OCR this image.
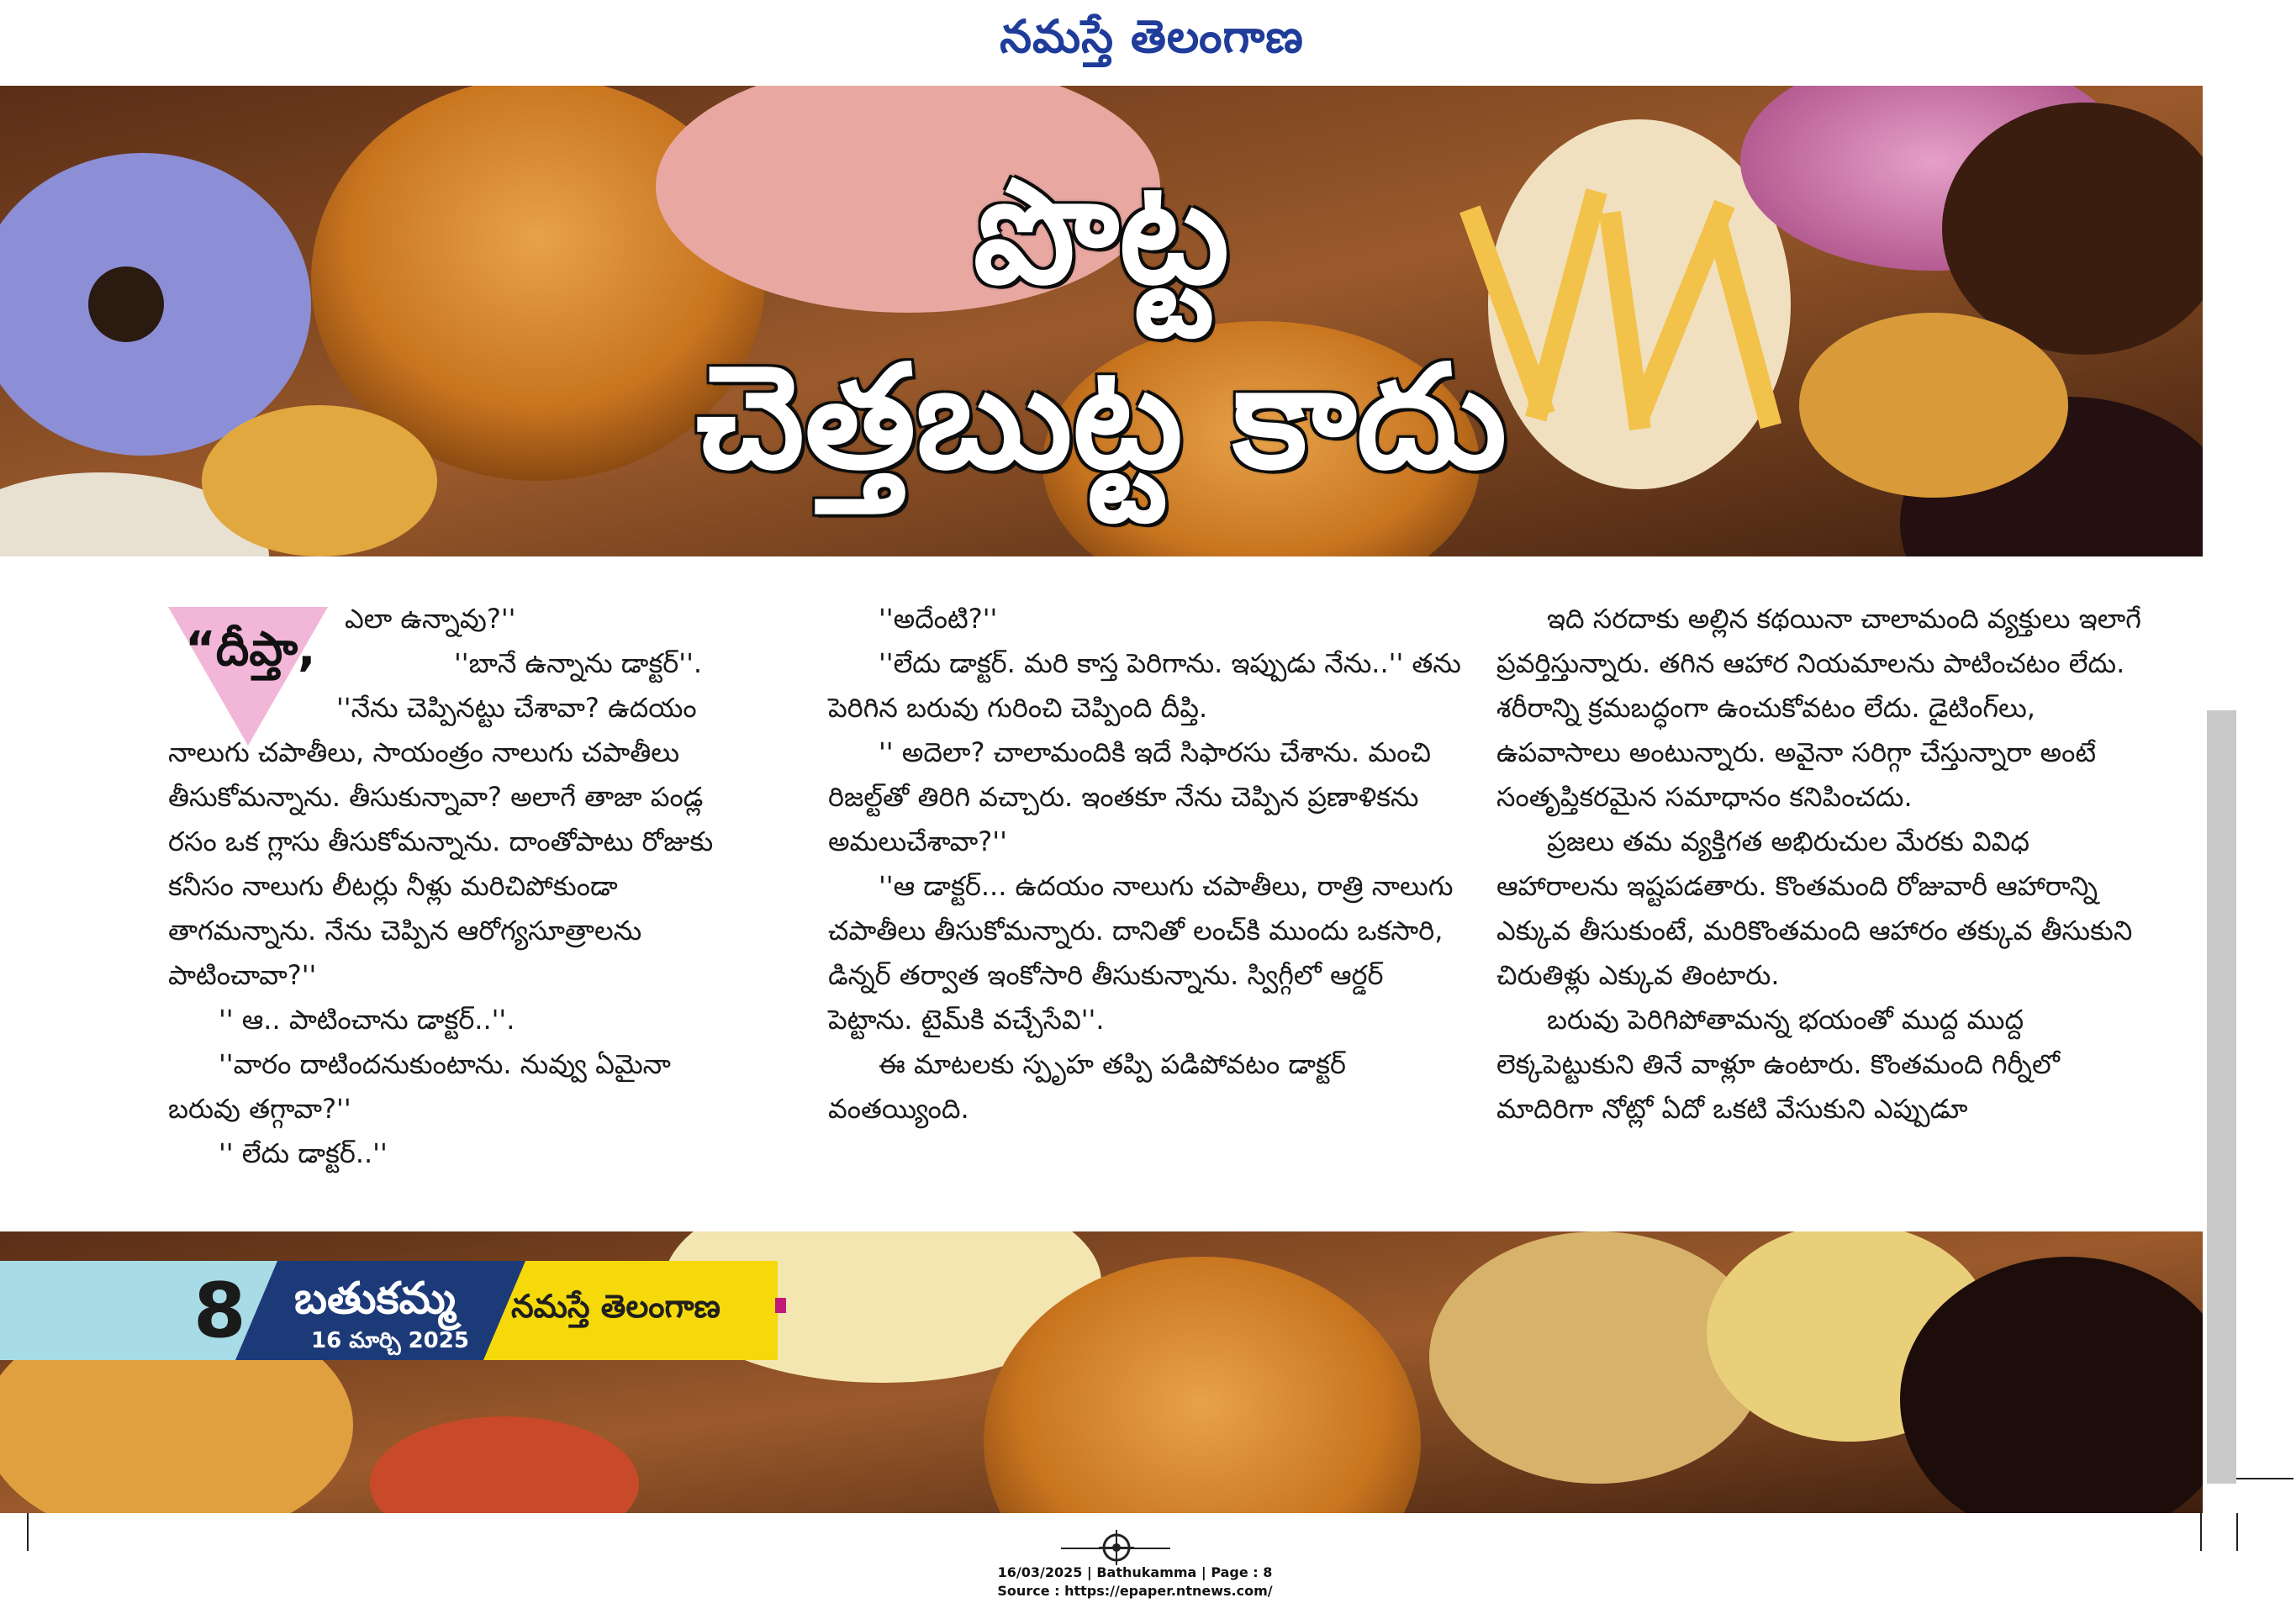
నమస్తే తెలంగాణ
పొట్ట
చెత్తబుట్ట కాదు
“దీప్తా,
ఎలా ఉన్నావు?''

''బానే ఉన్నాను డాక్టర్''.

''నేను చెప్పినట్టు చేశావా? ఉదయం నాలుగు చపాతీలు, సాయంత్రం నాలుగు చపాతీలు తీసుకోమన్నాను. తీసుకున్నావా? అలాగే తాజా పండ్ల రసం ఒక గ్లాసు తీసుకోమన్నాను. దాంతోపాటు రోజుకు కనీసం నాలుగు లీటర్లు నీళ్లు మరిచిపోకుండా తాగమన్నాను. నేను చెప్పిన ఆరోగ్యసూత్రాలను పాటించావా?''

'' ఆ.. పాటించాను డాక్టర్..''.

''వారం దాటిందనుకుంటాను. నువ్వు ఏమైనా బరువు తగ్గావా?''

'' లేదు డాక్టర్..''

''అదేంటి?''

''లేదు డాక్టర్. మరి కాస్త పెరిగాను. ఇప్పుడు నేను..'' తను పెరిగిన బరువు గురించి చెప్పింది దీప్తి.

'' అదెలా? చాలామందికి ఇదే సిఫారసు చేశాను. మంచి రిజల్ట్‌తో తిరిగి వచ్చారు. ఇంతకూ నేను చెప్పిన ప్రణాళికను అమలుచేశావా?''

''ఆ డాక్టర్... ఉదయం నాలుగు చపాతీలు, రాత్రి నాలుగు చపాతీలు తీసుకోమన్నారు. దానితో లంచ్‌కి ముందు ఒకసారి, డిన్నర్ తర్వాత ఇంకోసారి తీసుకున్నాను. స్విగ్గీలో ఆర్డర్ పెట్టాను. టైమ్‌కి వచ్చేసేవి''.

ఈ మాటలకు స్పృహ తప్పి పడిపోవటం డాక్టర్ వంతయ్యింది.

ఇది సరదాకు అల్లిన కథయినా చాలామంది వ్యక్తులు ఇలాగే ప్రవర్తిస్తున్నారు. తగిన ఆహార నియమాలను పాటించటం లేదు. శరీరాన్ని క్రమబద్ధంగా ఉంచుకోవటం లేదు. డైటింగ్‌లు, ఉపవాసాలు అంటున్నారు. అవైనా సరిగ్గా చేస్తున్నారా అంటే సంతృప్తికరమైన సమాధానం కనిపించదు.

ప్రజలు తమ వ్యక్తిగత అభిరుచుల మేరకు వివిధ ఆహారాలను ఇష్టపడతారు. కొంతమంది రోజువారీ ఆహారాన్ని ఎక్కువ తీసుకుంటే, మరికొంతమంది ఆహారం తక్కువ తీసుకుని చిరుతిళ్లు ఎక్కువ తింటారు.

బరువు పెరిగిపోతామన్న భయంతో ముద్ద ముద్ద లెక్కపెట్టుకుని తినే వాళ్లూ ఉంటారు. కొంతమంది గిర్నీలో మాదిరిగా నోట్లో ఏదో ఒకటి వేసుకుని ఎప్పుడూ

8 బతుకమ్మ
16 మార్చి 2025
నమస్తే తెలంగాణ
16/03/2025 | Bathukamma | Page : 8
Source : https://epaper.ntnews.com/
